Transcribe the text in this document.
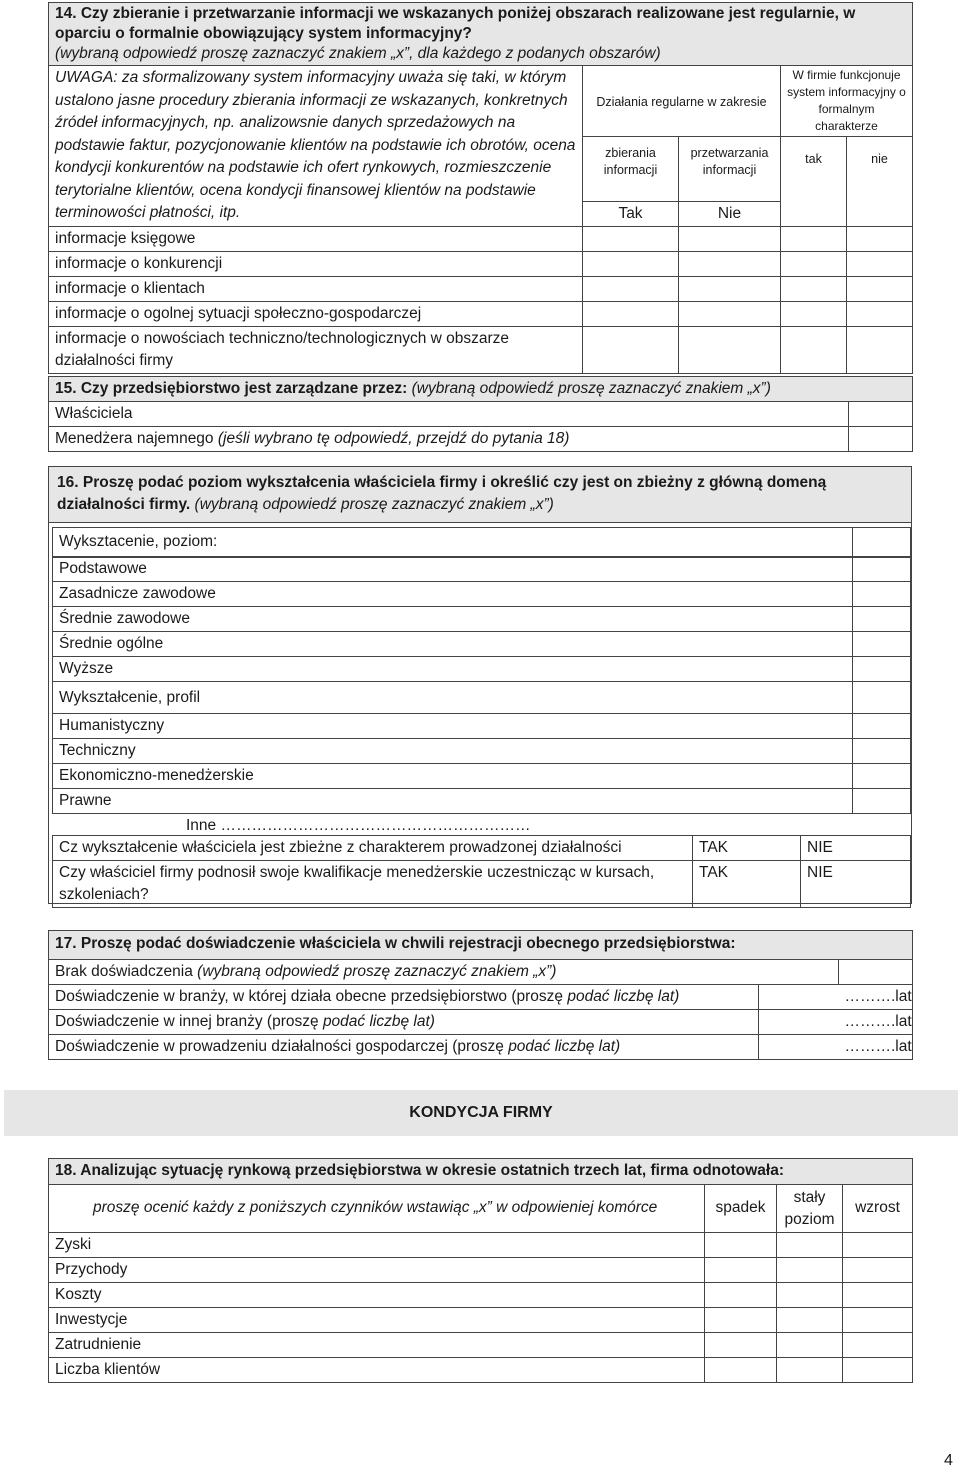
14. Czy zbieranie i przetwarzanie informacji we wskazanych poniżej obszarach realizowane jest regularnie, w oparciu o formalnie obowiązujący system informacyjny?
(wybraną odpowiedź proszę zaznaczyć znakiem „x”, dla każdego z podanych obszarów)				

UWAGA: za sformalizowany system informacyjny uważa się taki, w którym ustalono jasne procedury zbierania informacji ze wskazanych, konkretnych źródeł informacyjnych, np. analizowsnie danych sprzedażowych na podstawie faktur, pozycjonowanie klientów na podstawie ich obrotów, ocena kondycji konkurentów na podstawie ich ofert rynkowych, rozmieszczenie terytorialne klientów, ocena kondycji finansowej klientów na podstawie terminowości płatności, itp.	Działania regularne w zakresie		W firmie funkcjonuje system informacyjny o formalnym charakterze	
	zbierania informacji	przetwarzania informacji	tak	nie
	Tak	Nie		
informacje księgowe				
informacje o konkurencji				
informacje o klientach				
informacje o ogolnej sytuacji społeczno-gospodarczej				
informacje o nowościach techniczno/technologicznych w obszarze działalności firmy				
15. Czy przedsiębiorstwo jest zarządzane przez: (wybraną odpowiedź proszę zaznaczyć znakiem „x”)	
Właściciela	
Menedżera najemnego (jeśli wybrano tę odpowiedź, przejdź do pytania 18)	
16. Proszę podać poziom wykształcenia właściciela firmy i określić czy jest on zbieżny z główną domeną działalności firmy. (wybraną odpowiedź proszę zaznaczyć znakiem „x”)
Wyksztacenie, poziom:	
Podstawowe	
Zasadnicze zawodowe	
Średnie zawodowe	
Średnie ogólne	
Wyższe	
Wykształcenie, profil	
Humanistyczny	
Techniczny	
Ekonomiczno-menedżerskie	
Prawne	
Inne ……………………………………………………
Cz wykształcenie właściciela jest zbieżne z charakterem prowadzonej działalności	TAK	NIE
Czy właściciel firmy podnosił swoje kwalifikacje menedżerskie uczestnicząc w kursach, szkoleniach?	TAK	NIE
17. Proszę podać doświadczenie właściciela w chwili rejestracji obecnego przedsiębiorstwa:		
Brak doświadczenia (wybraną odpowiedź proszę zaznaczyć znakiem „x”)		
Doświadczenie w branży, w której działa obecne przedsiębiorstwo (proszę podać liczbę lat)		……….lat
Doświadczenie w innej branży (proszę podać liczbę lat)		……….lat
Doświadczenie w prowadzeniu działalności gospodarczej (proszę podać liczbę lat)		……….lat
KONDYCJA FIRMY
18. Analizując sytuację rynkową przedsiębiorstwa w okresie ostatnich trzech lat, firma odnotowała:			
proszę ocenić każdy z poniższych czynników wstawiąc „x” w odpowieniej komórce	spadek	stały poziom	wzrost
Zyski			
Przychody			
Koszty			
Inwestycje			
Zatrudnienie			
Liczba klientów			
4
